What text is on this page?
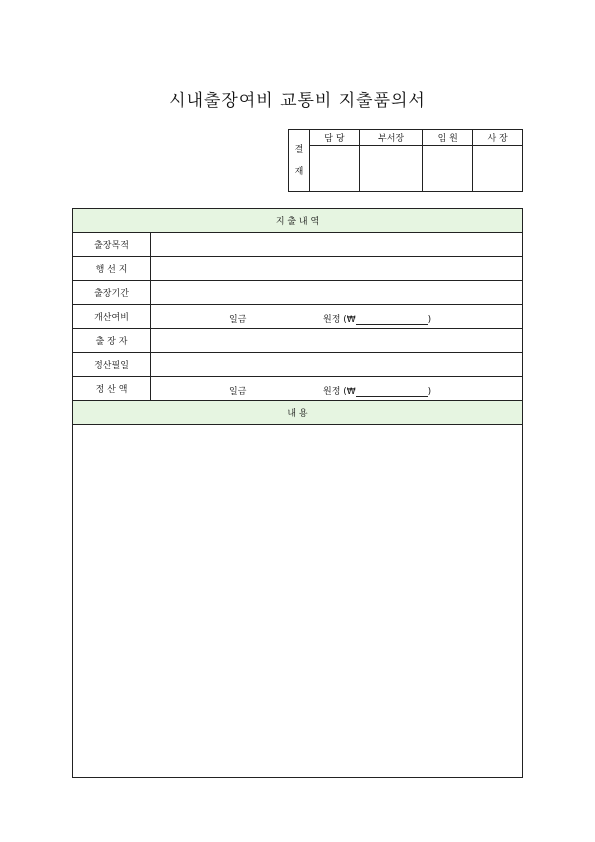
시내출장여비 교통비 지출품의서
결
재	담 당	부서장	임 원	사 장

지 출 내 역	
출장목적	
행 선 지	
출장기간	
개산여비	일금 원정 (₩ )

출 장 자	
정산필일	
정 산 액	일금 원정 (₩ )

내 용	
